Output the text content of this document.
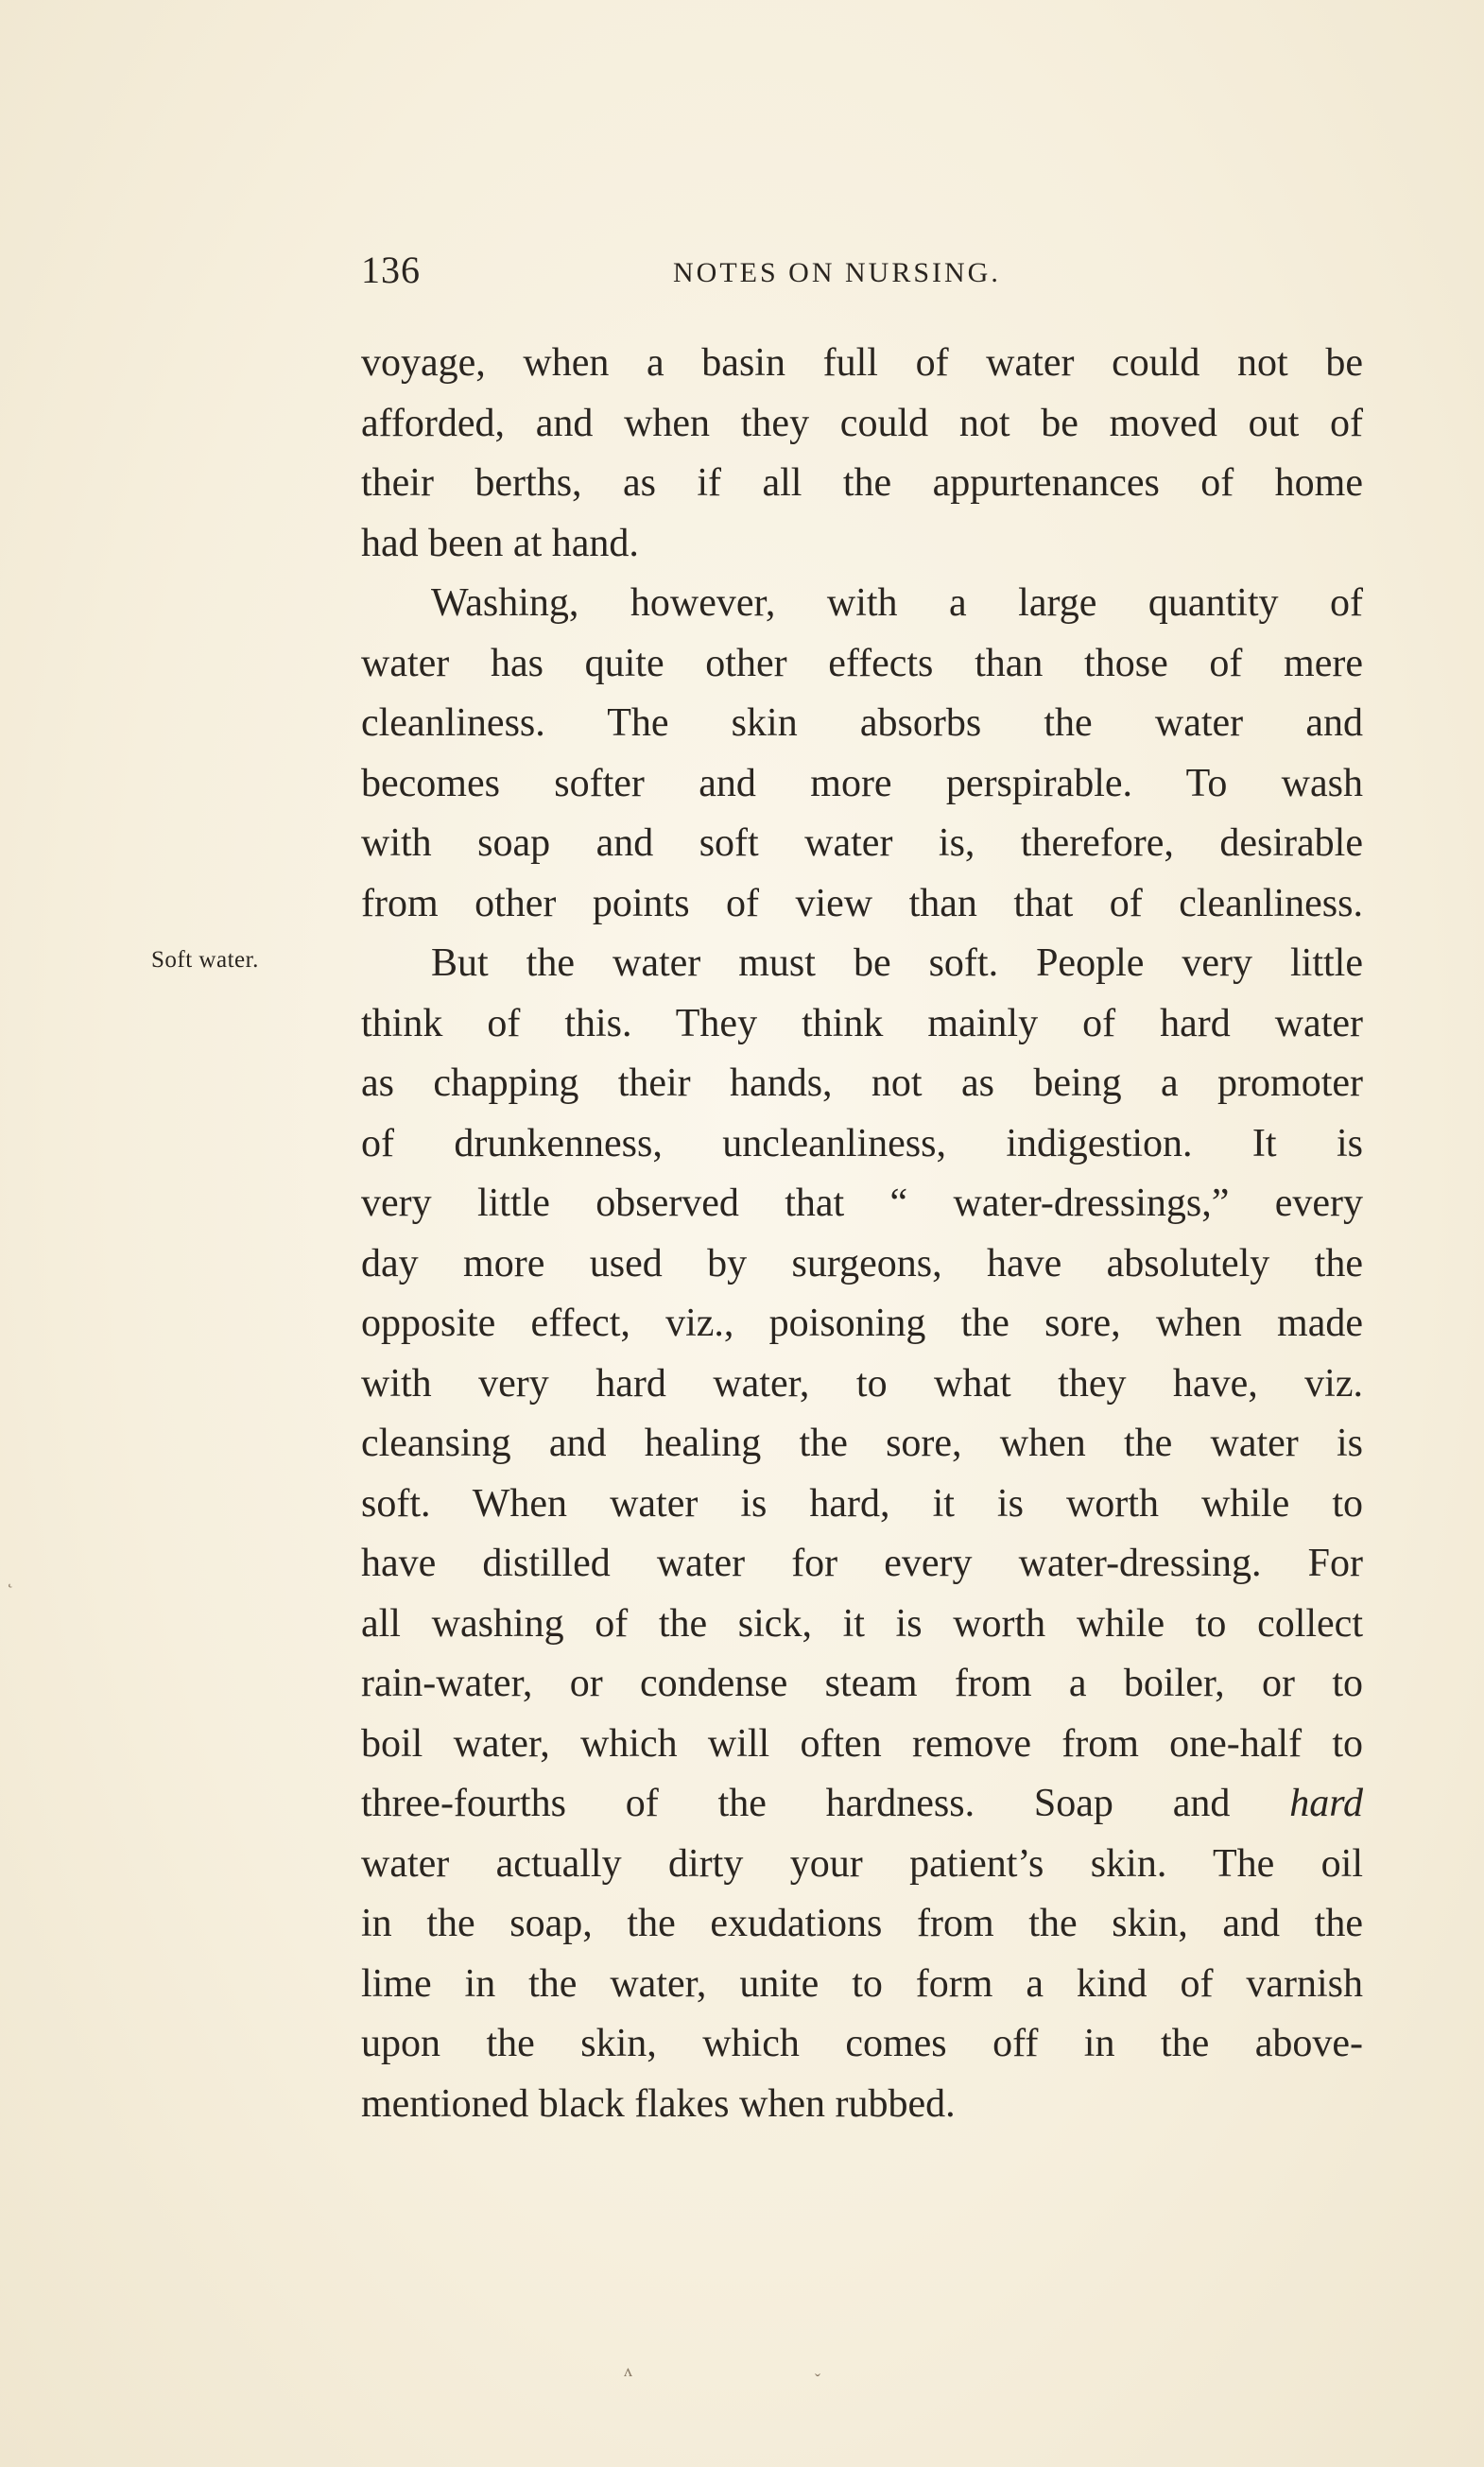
136	NOTES ON NURSING.
Soft water.
voyage, when a basin full of water could not be
afforded, and when they could not be moved out of
their berths, as if all the appurtenances of home
had been at hand.
Washing, however, with a large quantity of
water has quite other effects than those of mere
cleanliness. The skin absorbs the water and
becomes softer and more perspirable. To wash
with soap and soft water is, therefore, desirable
from other points of view than that of cleanliness.
But the water must be soft. People very little
think of this. They think mainly of hard water
as chapping their hands, not as being a promoter
of drunkenness, uncleanliness, indigestion. It is
very little observed that “ water-dressings,” every
day more used by surgeons, have absolutely the
opposite effect, viz., poisoning the sore, when made
with very hard water, to what they have, viz.
cleansing and healing the sore, when the water is
soft. When water is hard, it is worth while to
have distilled water for every water-dressing. For
all washing of the sick, it is worth while to collect
rain-water, or condense steam from a boiler, or to
boil water, which will often remove from one-half to
three-fourths of the hardness. Soap and hard
water actually dirty your patient’s skin. The oil
in the soap, the exudations from the skin, and the
lime in the water, unite to form a kind of varnish
upon the skin, which comes off in the above-
mentioned black flakes when rubbed.
˛
ʌ	ˇ
